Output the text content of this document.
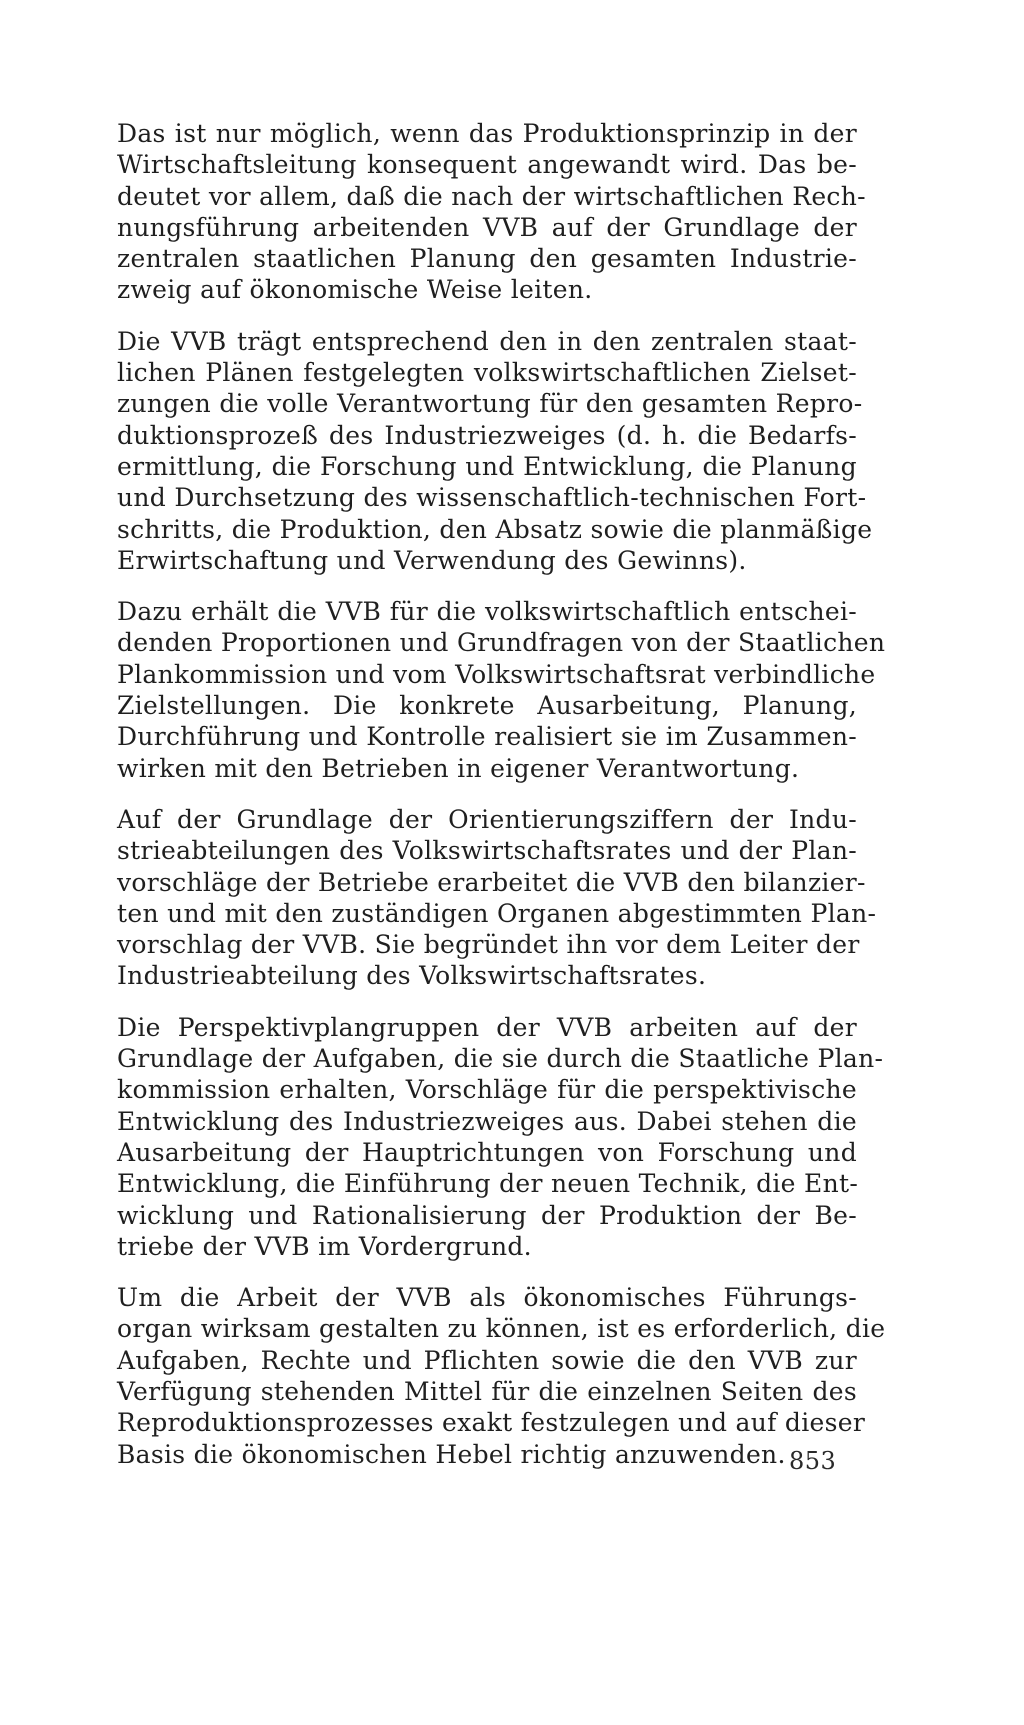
Das ist nur möglich, wenn das Produktionsprinzip in der
Wirtschaftsleitung konsequent angewandt wird. Das be-
deutet vor allem, daß die nach der wirtschaftlichen Rech-
nungsführung arbeitenden VVB auf der Grundlage der
zentralen staatlichen Planung den gesamten Industrie-
zweig auf ökonomische Weise leiten.

Die VVB trägt entsprechend den in den zentralen staat-
lichen Plänen festgelegten volkswirtschaftlichen Zielset-
zungen die volle Verantwortung für den gesamten Repro-
duktionsprozeß des Industriezweiges (d. h. die Bedarfs-
ermittlung, die Forschung und Entwicklung, die Planung
und Durchsetzung des wissenschaftlich-technischen Fort-
schritts, die Produktion, den Absatz sowie die planmäßige
Erwirtschaftung und Verwendung des Gewinns).

Dazu erhält die VVB für die volkswirtschaftlich entschei-
denden Proportionen und Grundfragen von der Staatlichen
Plankommission und vom Volkswirtschaftsrat verbindliche
Zielstellungen. Die konkrete Ausarbeitung, Planung,
Durchführung und Kontrolle realisiert sie im Zusammen-
wirken mit den Betrieben in eigener Verantwortung.

Auf der Grundlage der Orientierungsziffern der Indu-
strieabteilungen des Volkswirtschaftsrates und der Plan-
vorschläge der Betriebe erarbeitet die VVB den bilanzier-
ten und mit den zuständigen Organen abgestimmten Plan-
vorschlag der VVB. Sie begründet ihn vor dem Leiter der
Industrieabteilung des Volkswirtschaftsrates.

Die Perspektivplangruppen der VVB arbeiten auf der
Grundlage der Aufgaben, die sie durch die Staatliche Plan-
kommission erhalten, Vorschläge für die perspektivische
Entwicklung des Industriezweiges aus. Dabei stehen die
Ausarbeitung der Hauptrichtungen von Forschung und
Entwicklung, die Einführung der neuen Technik, die Ent-
wicklung und Rationalisierung der Produktion der Be-
triebe der VVB im Vordergrund.

Um die Arbeit der VVB als ökonomisches Führungs-
organ wirksam gestalten zu können, ist es erforderlich, die
Aufgaben, Rechte und Pflichten sowie die den VVB zur
Verfügung stehenden Mittel für die einzelnen Seiten des
Reproduktionsprozesses exakt festzulegen und auf dieser
Basis die ökonomischen Hebel richtig anzuwenden. 853
